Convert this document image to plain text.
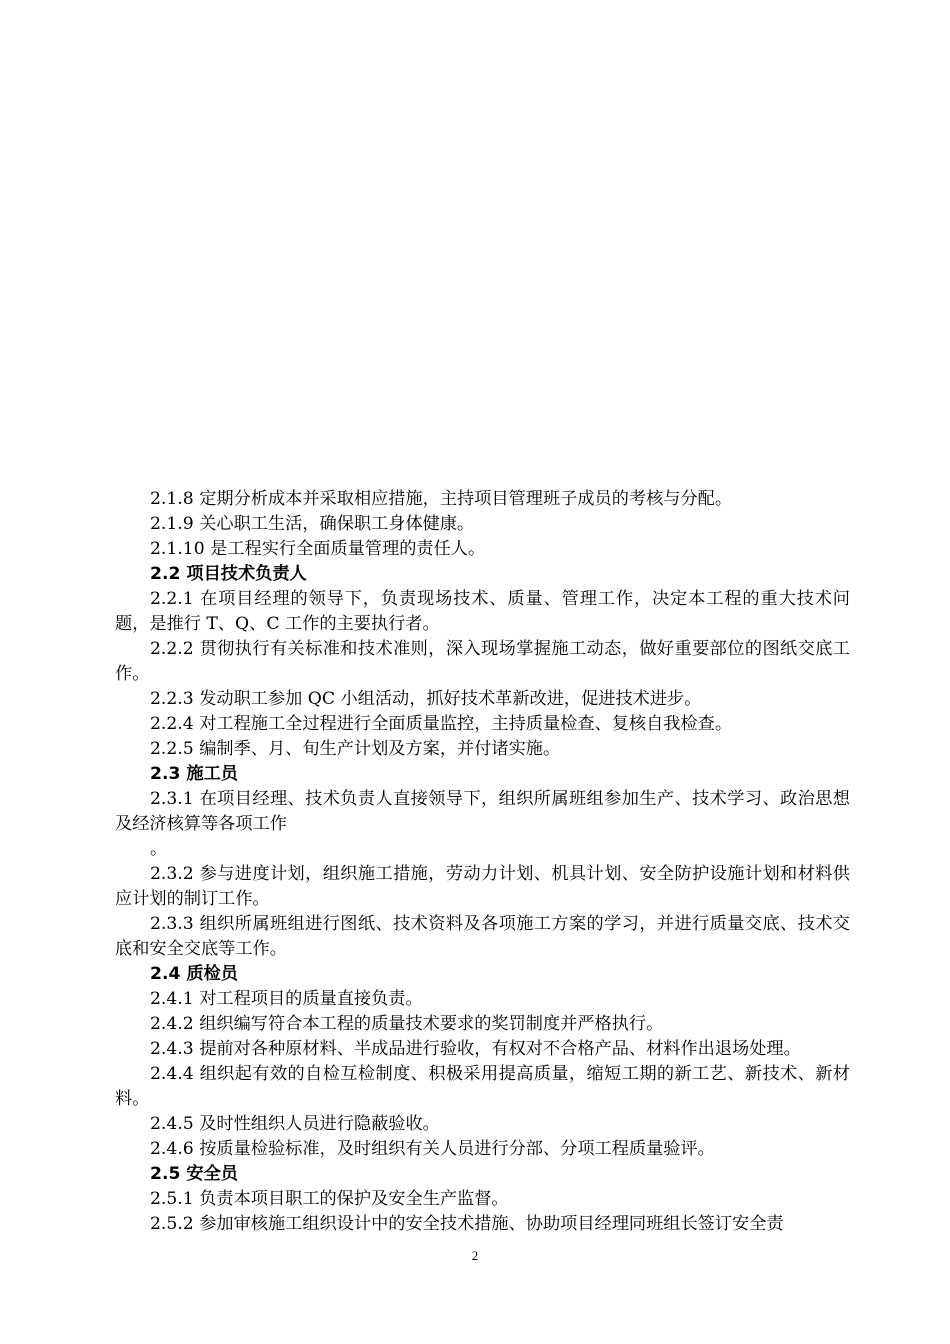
2.1.8 定期分析成本并采取相应措施，主持项目管理班子成员的考核与分配。

2.1.9 关心职工生活，确保职工身体健康。

2.1.10 是工程实行全面质量管理的责任人。

2.2 项目技术负责人

2.2.1 在项目经理的领导下，负责现场技术、质量、管理工作，决定本工程的重大技术问题，是推行 T、Q、C 工作的主要执行者。

2.2.2 贯彻执行有关标准和技术准则，深入现场掌握施工动态，做好重要部位的图纸交底工作。

2.2.3 发动职工参加 QC 小组活动，抓好技术革新改进，促进技术进步。

2.2.4 对工程施工全过程进行全面质量监控，主持质量检查、复核自我检查。

2.2.5 编制季、月、旬生产计划及方案，并付诸实施。

2.3 施工员

2.3.1 在项目经理、技术负责人直接领导下，组织所属班组参加生产、技术学习、政治思想及经济核算等各项工作

。

2.3.2 参与进度计划，组织施工措施，劳动力计划、机具计划、安全防护设施计划和材料供应计划的制订工作。

2.3.3 组织所属班组进行图纸、技术资料及各项施工方案的学习，并进行质量交底、技术交底和安全交底等工作。

2.4 质检员

2.4.1 对工程项目的质量直接负责。

2.4.2 组织编写符合本工程的质量技术要求的奖罚制度并严格执行。

2.4.3 提前对各种原材料、半成品进行验收，有权对不合格产品、材料作出退场处理。

2.4.4 组织起有效的自检互检制度、积极采用提高质量，缩短工期的新工艺、新技术、新材料。

2.4.5 及时性组织人员进行隐蔽验收。

2.4.6 按质量检验标准，及时组织有关人员进行分部、分项工程质量验评。

2.5 安全员

2.5.1 负责本项目职工的保护及安全生产监督。

2.5.2 参加审核施工组织设计中的安全技术措施、协助项目经理同班组长签订安全责

2
